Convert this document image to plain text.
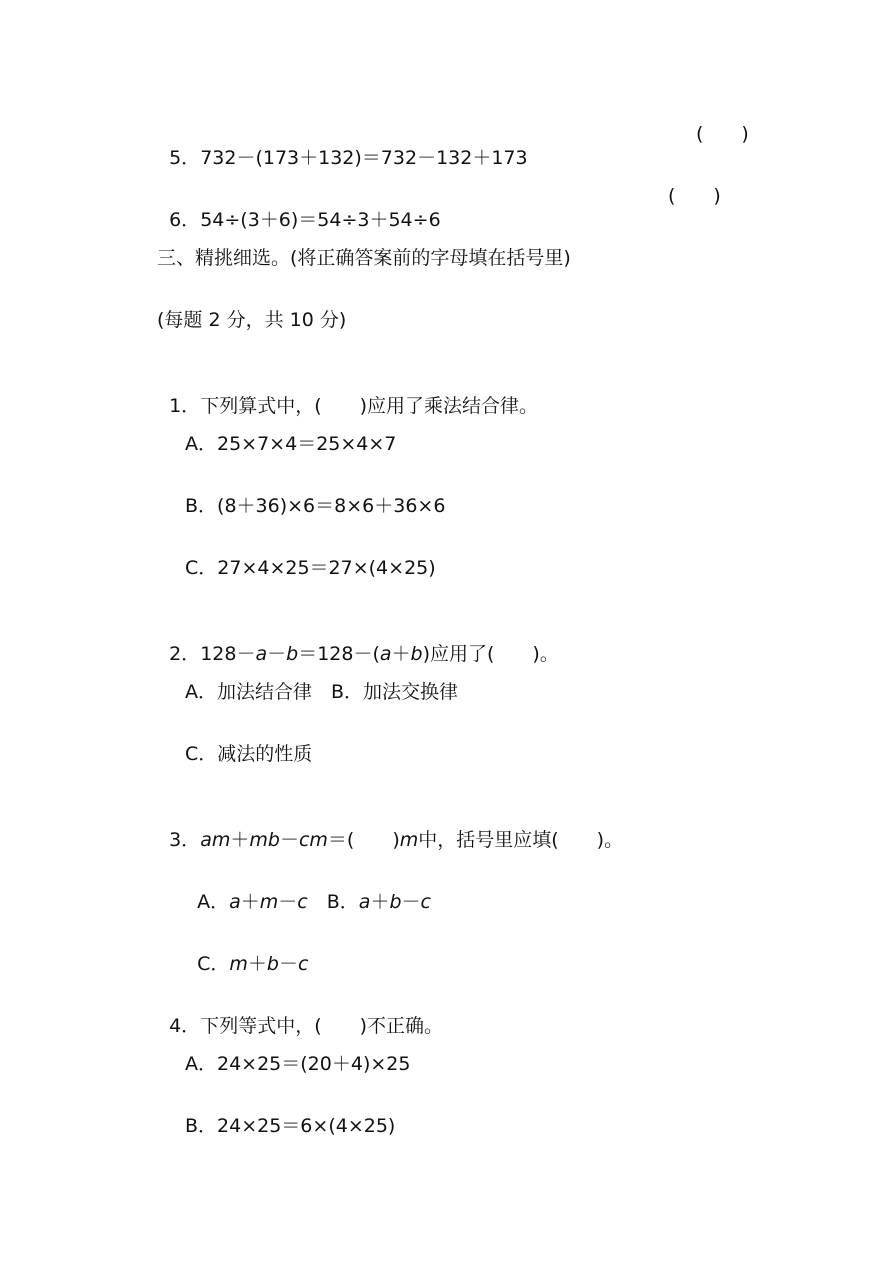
5．732－(173＋132)＝732－132＋173

(　　)

6．54÷(3＋6)＝54÷3＋54÷6

(　　)
三、精挑细选。(将正确答案前的字母填在括号里)
(每题 2 分，共 10 分)

1．下列算式中，(　　)应用了乘法结合律。

A．25×7×4＝25×4×7
B．(8＋36)×6＝8×6＋36×6
C．27×4×25＝27×(4×25)

2．128－a－b＝128－(a＋b)应用了(　　)。

A．加法结合律　B．加法交换律
C．减法的性质

3．am＋mb－cm＝(　　)m中，括号里应填(　　)。

A．a＋m－c　B．a＋b－c

C．m＋b－c

4．下列等式中，(　　)不正确。

A．24×25＝(20＋4)×25
B．24×25＝6×(4×25)
